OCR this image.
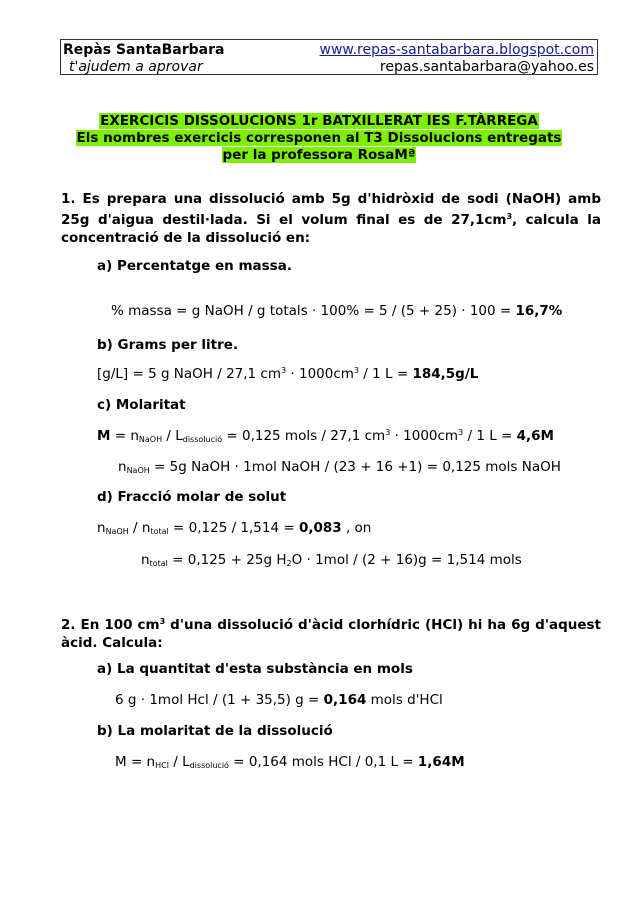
Repàs SantaBarbara
t'ajudem a aprovar
www.repas-santabarbara.blogspot.com
repas.santabarbara@yahoo.es
EXERCICIS DISSOLUCIONS 1r BATXILLERAT IES F.TÀRREGA
Els nombres exercicis corresponen al T3 Dissolucions entregats
per la professora RosaMª
1. Es prepara una dissolució amb 5g d'hidròxid de sodi (NaOH) amb 25g d'aigua destil·lada. Si el volum final es de $27,1cm^3$, calcula la concentració de la dissolució en:
a) Percentatge en massa.
% massa = g NaOH / g totals · 100% = 5 / (5 + 25) · 100 = 16,7%
b) Grams per litre.
[g/L] = 5 g NaOH / 27,1 $cm^3 \cdot 1000cm^3 / 1$ L = 184,5g/L
c) Molaritat
$M = n_{NaOH} / L_{dissolució} = 0,125$ mols / 27,1 $cm^3 \cdot 1000cm^3 / 1$ L = 4,6M
$n_{NaOH} = 5g$ NaOH · 1mol NaOH / (23 + 16 +1) = 0,125 mols NaOH
d) Fracció molar de solut
$n_{NaOH} / n_{total} = 0,125 / 1,514 = 0,083$ , on
$n_{total} = 0,125 + 25g$ $H_2O \cdot 1mol / (2 + 16)g = 1,514$ mols
2. En 100 $cm^3$ d'una dissolució d'àcid clorhídric (HCl) hi ha 6g d'aquest àcid. Calcula:
a) La quantitat d'esta substància en mols
6 g · 1mol Hcl / (1 + 35,5) g = 0,164 mols d'HCl
b) La molaritat de la dissolució
$M = n_{HCl} / L_{dissolució} = 0,164$ mols HCl / 0,1 L = 1,64M
